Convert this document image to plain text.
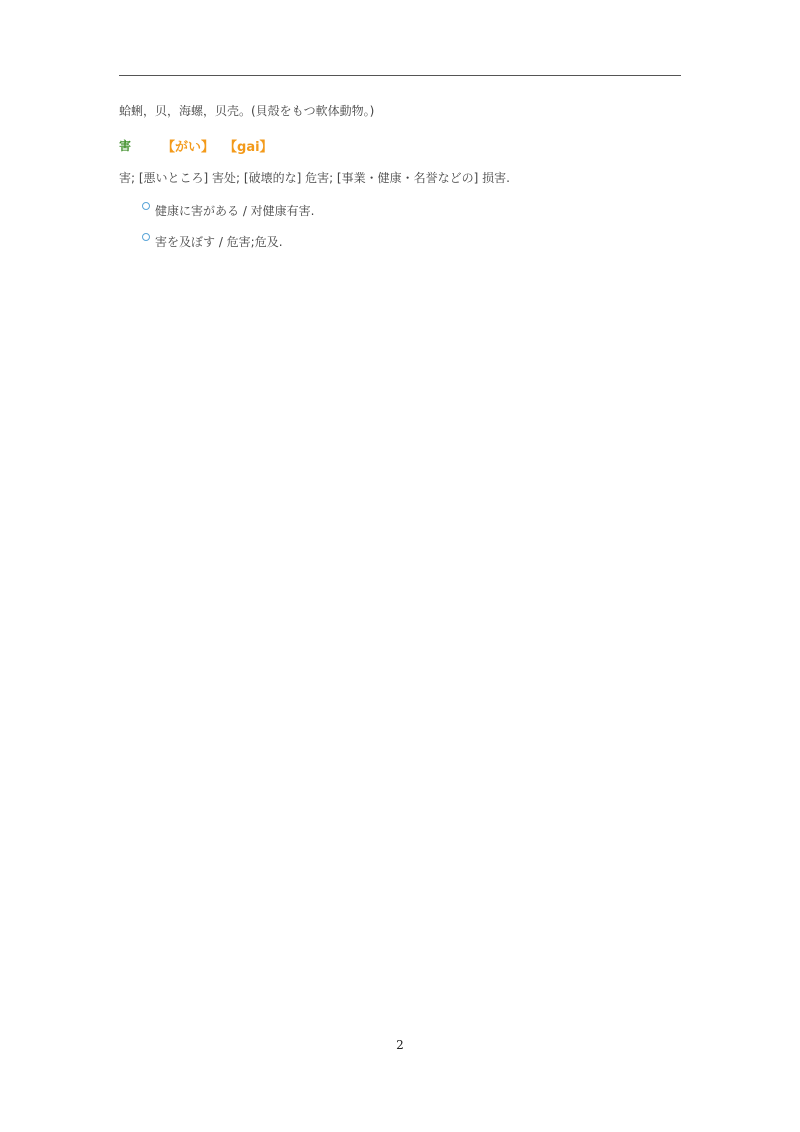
蛤蜊，贝，海螺，贝壳。(貝殻をもつ軟体動物。)
害	【がい】 【gai】
害; [悪いところ] 害处; [破壊的な] 危害; [事業・健康・名誉などの] 损害.
健康に害がある / 对健康有害.
害を及ぼす / 危害;危及.
2
